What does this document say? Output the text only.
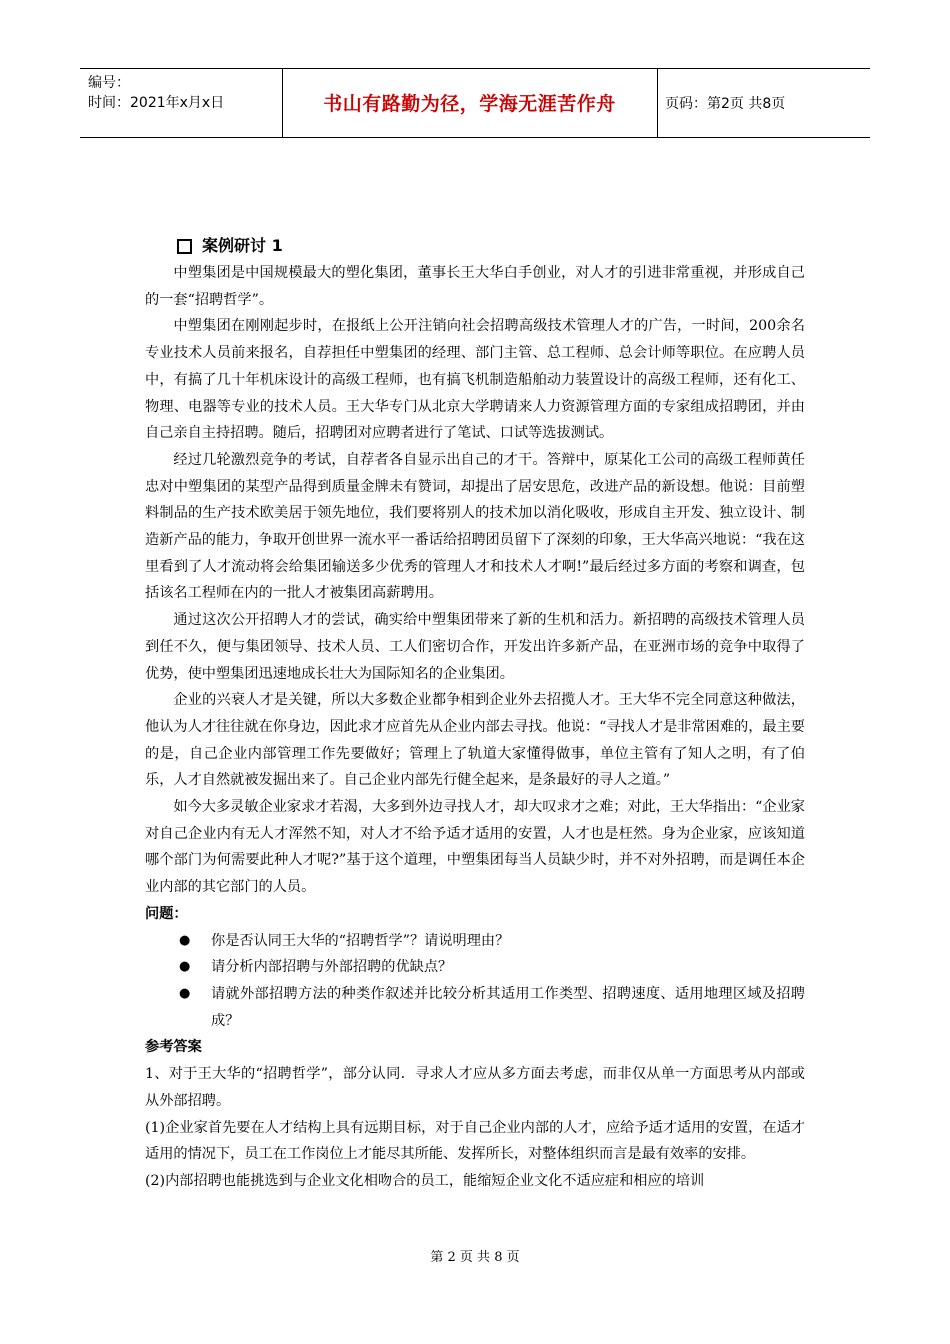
编号：
时间：2021年x月x日	书山有路勤为径，学海无涯苦作舟	页码：第2页 共8页
案例研讨 1

中塑集团是中国规模最大的塑化集团，董事长王大华白手创业，对人才的引进非常重视，并形成自己的一套“招聘哲学”。

中塑集团在刚刚起步时，在报纸上公开注销向社会招聘高级技术管理人才的广告，一时间，200余名专业技术人员前来报名，自荐担任中塑集团的经理、部门主管、总工程师、总会计师等职位。在应聘人员中，有搞了几十年机床设计的高级工程师，也有搞飞机制造船舶动力装置设计的高级工程师，还有化工、物理、电器等专业的技术人员。王大华专门从北京大学聘请来人力资源管理方面的专家组成招聘团，并由自己亲自主持招聘。随后，招聘团对应聘者进行了笔试、口试等选拔测试。

经过几轮激烈竞争的考试，自荐者各自显示出自己的才干。答辩中，原某化工公司的高级工程师黄任忠对中塑集团的某型产品得到质量金牌未有赞词，却提出了居安思危，改进产品的新设想。他说：目前塑料制品的生产技术欧美居于领先地位，我们要将别人的技术加以消化吸收，形成自主开发、独立设计、制造新产品的能力，争取开创世界一流水平一番话给招聘团员留下了深刻的印象，王大华高兴地说：“我在这里看到了人才流动将会给集团输送多少优秀的管理人才和技术人才啊!”最后经过多方面的考察和调查，包括该名工程师在内的一批人才被集团高薪聘用。

通过这次公开招聘人才的尝试，确实给中塑集团带来了新的生机和活力。新招聘的高级技术管理人员到任不久，便与集团领导、技术人员、工人们密切合作，开发出许多新产品，在亚洲市场的竞争中取得了优势，使中塑集团迅速地成长壮大为国际知名的企业集团。

企业的兴衰人才是关键，所以大多数企业都争相到企业外去招揽人才。王大华不完全同意这种做法，他认为人才往往就在你身边，因此求才应首先从企业内部去寻找。他说：“寻找人才是非常困难的，最主要的是，自己企业内部管理工作先要做好；管理上了轨道大家懂得做事，单位主管有了知人之明，有了伯乐，人才自然就被发掘出来了。自己企业内部先行健全起来，是条最好的寻人之道。”

如今大多灵敏企业家求才若渴，大多到外边寻找人才，却大叹求才之难；对此，王大华指出：“企业家对自己企业内有无人才浑然不知，对人才不给予适才适用的安置，人才也是枉然。身为企业家，应该知道哪个部门为何需要此种人才呢?”基于这个道理，中塑集团每当人员缺少时，并不对外招聘，而是调任本企业内部的其它部门的人员。

问题：

●	你是否认同王大华的“招聘哲学”？请说明理由？
●	请分析内部招聘与外部招聘的优缺点？
●	请就外部招聘方法的种类作叙述并比较分析其适用工作类型、招聘速度、适用地理区域及招聘成？

参考答案

1、对于王大华的“招聘哲学”，部分认同．寻求人才应从多方面去考虑，而非仅从单一方面思考从内部或从外部招聘。

(1)企业家首先要在人才结构上具有远期目标，对于自己企业内部的人才，应给予适才适用的安置，在适才适用的情况下，员工在工作岗位上才能尽其所能、发挥所长，对整体组织而言是最有效率的安排。

(2)内部招聘也能挑选到与企业文化相吻合的员工，能缩短企业文化不适应症和相应的培训

第 2 页 共 8 页
